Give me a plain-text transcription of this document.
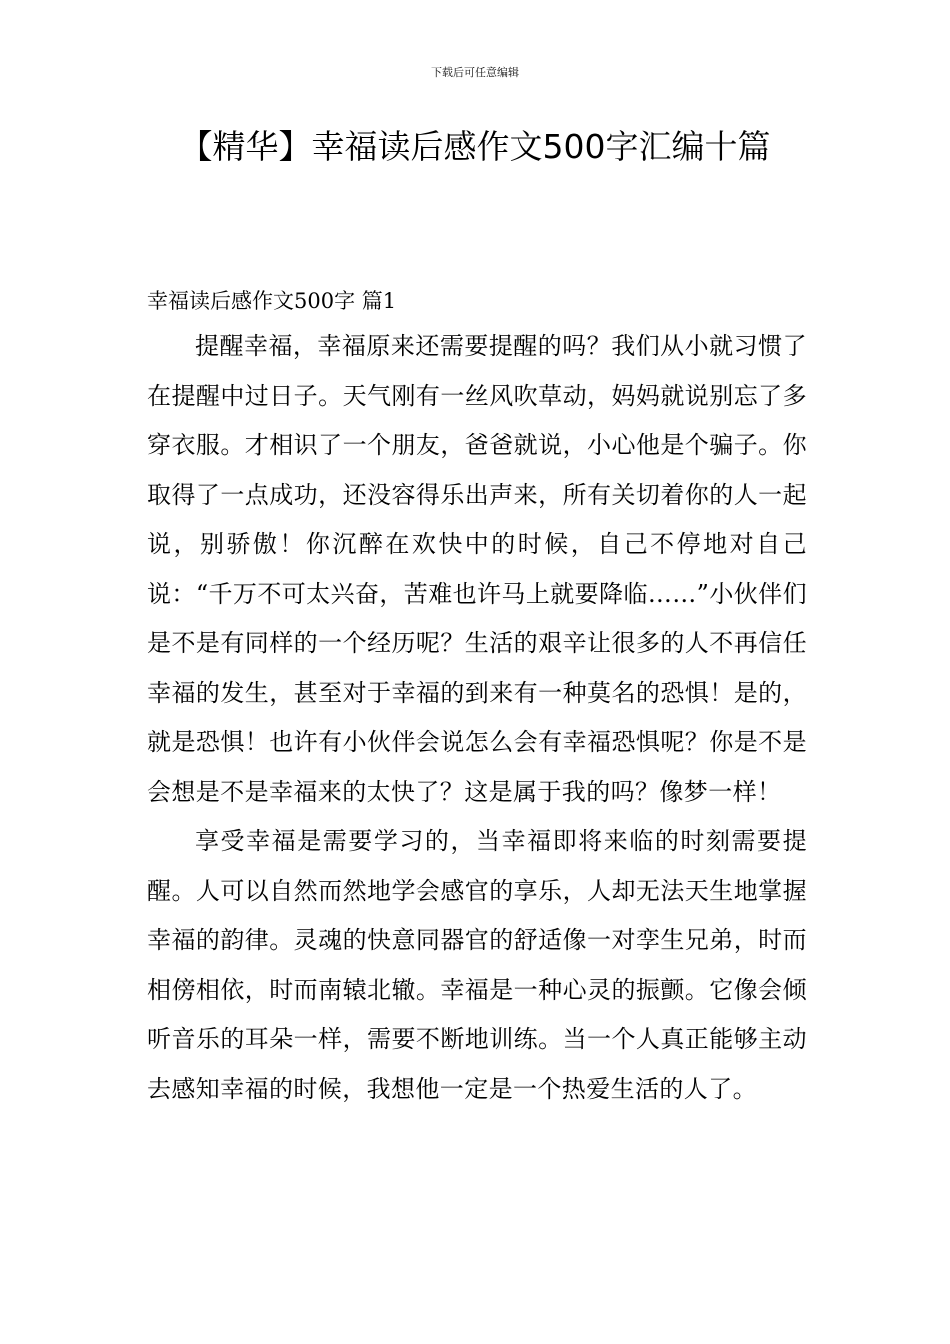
下载后可任意编辑
【精华】幸福读后感作文500字汇编十篇

幸福读后感作文500字 篇1

提醒幸福，幸福原来还需要提醒的吗？我们从小就习惯了在提醒中过日子。天气刚有一丝风吹草动，妈妈就说别忘了多穿衣服。才相识了一个朋友，爸爸就说，小心他是个骗子。你取得了一点成功，还没容得乐出声来，所有关切着你的人一起说，别骄傲！你沉醉在欢快中的时候，自己不停地对自己说：“千万不可太兴奋，苦难也许马上就要降临……”小伙伴们是不是有同样的一个经历呢？生活的艰辛让很多的人不再信任幸福的发生，甚至对于幸福的到来有一种莫名的恐惧！是的，就是恐惧！也许有小伙伴会说怎么会有幸福恐惧呢？你是不是会想是不是幸福来的太快了？这是属于我的吗？像梦一样！

享受幸福是需要学习的，当幸福即将来临的时刻需要提醒。人可以自然而然地学会感官的享乐，人却无法天生地掌握幸福的韵律。灵魂的快意同器官的舒适像一对孪生兄弟，时而相傍相依，时而南辕北辙。幸福是一种心灵的振颤。它像会倾听音乐的耳朵一样，需要不断地训练。当一个人真正能够主动去感知幸福的时候，我想他一定是一个热爱生活的人了。
